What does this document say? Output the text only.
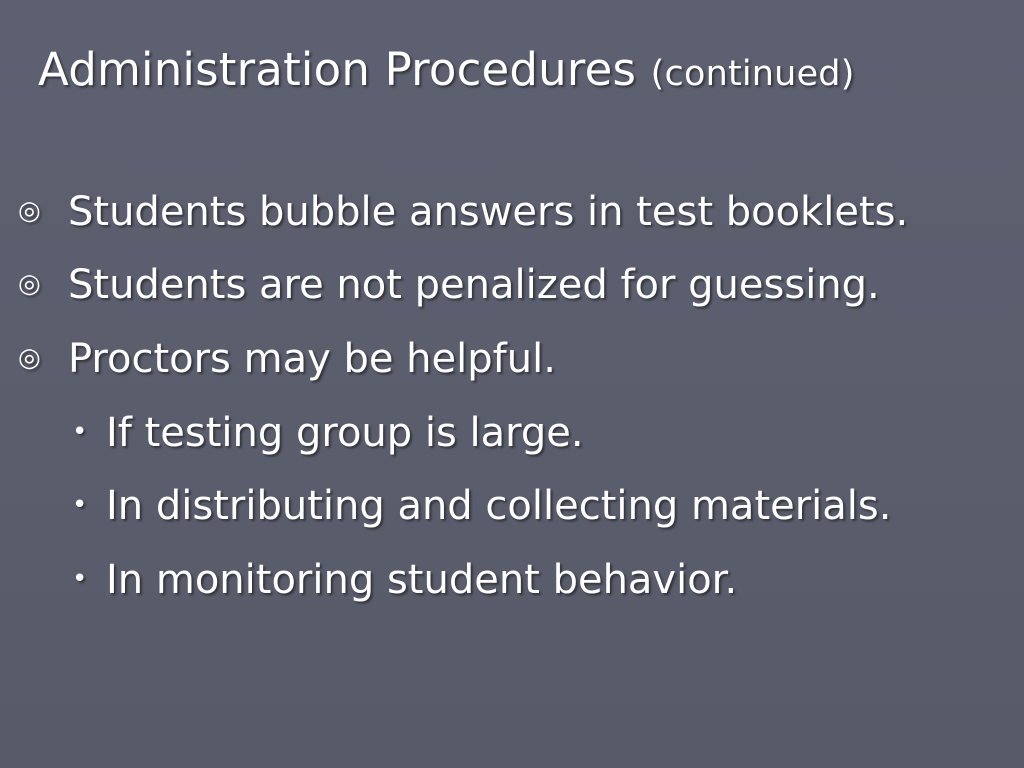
Administration Procedures (continued)
◎ Students bubble answers in test booklets.
◎ Students are not penalized for guessing.
◎ Proctors may be helpful.
• If testing group is large.
• In distributing and collecting materials.
• In monitoring student behavior.
